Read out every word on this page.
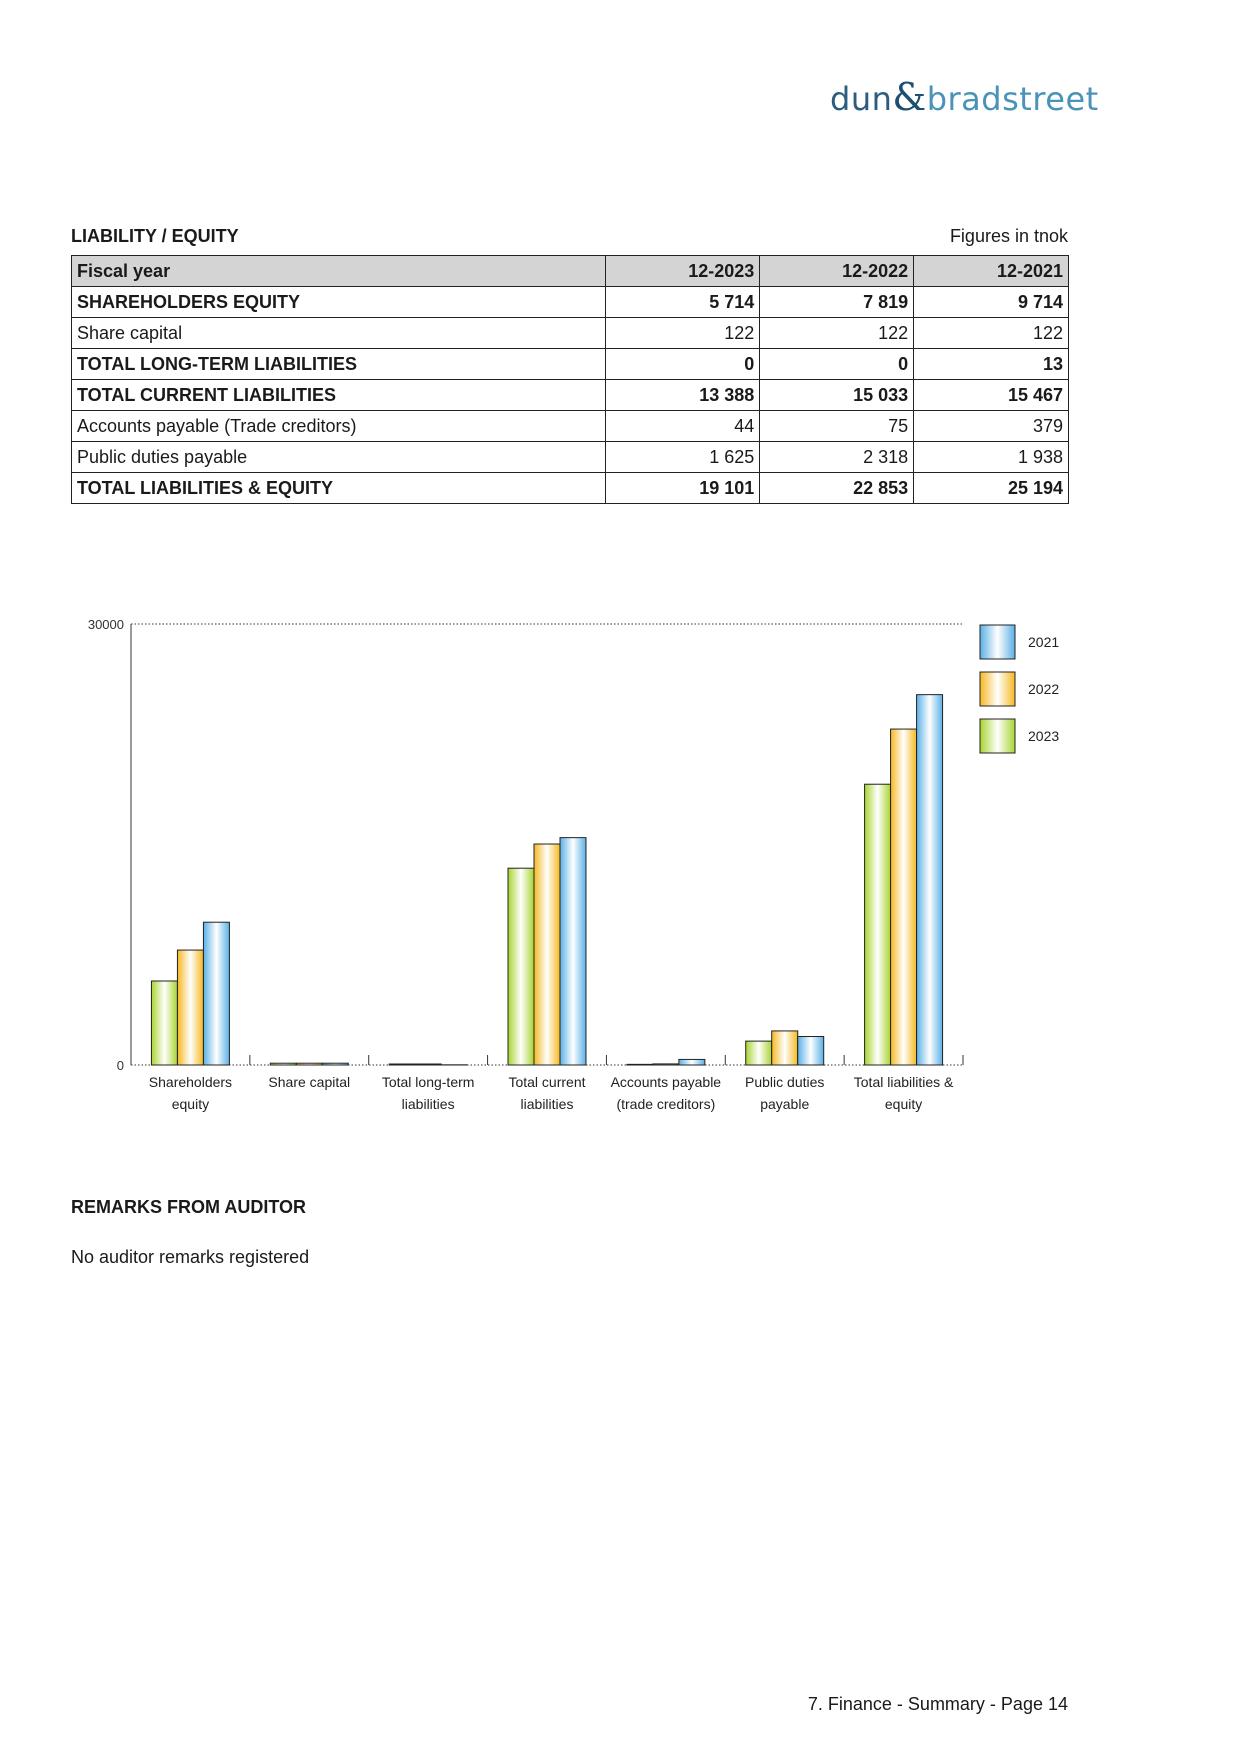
dun&bradstreet
LIABILITY / EQUITY	Figures in tnok
Fiscal year	12-2023	12-2022	12-2021
SHAREHOLDERS EQUITY	5 714	7 819	9 714
Share capital	122	122	122
TOTAL LONG-TERM LIABILITIES	0	0	13
TOTAL CURRENT LIABILITIES	13 388	15 033	15 467
Accounts payable (Trade creditors)	44	75	379
Public duties payable	1 625	2 318	1 938
TOTAL LIABILITIES & EQUITY	19 101	22 853	25 194
0
30000
Shareholders
equity
Share capital Total long-term
liabilities
Total current
liabilities
Accounts payable
(trade creditors)
Public duties
payable
Total liabilities &
equity
2021
2022
2023
REMARKS FROM AUDITOR
No auditor remarks registered
7. Finance - Summary - Page 14
